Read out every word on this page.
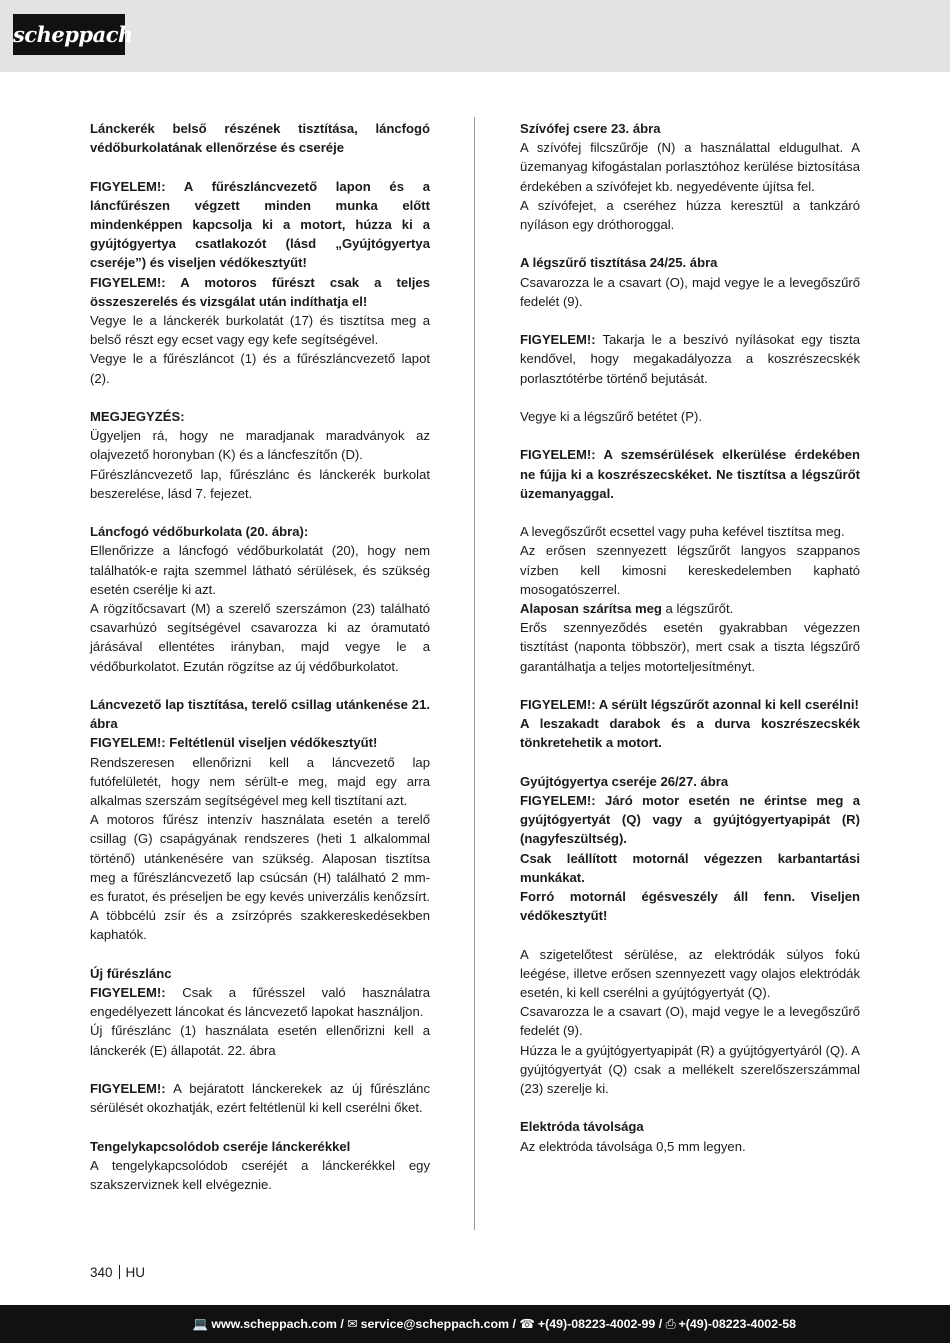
scheppach
Lánckerék belső részének tisztítása, láncfogó védőburkolatának ellenőrzése és cseréje
FIGYELEM!: A fűrészláncvezető lapon és a láncfűrészen végzett minden munka előtt mindenképpen kapcsolja ki a motort, húzza ki a gyújtógyertya csatlakozót (lásd „Gyújtógyertya cseréje”) és viseljen védőkesztyűt!
FIGYELEM!: A motoros fűrészt csak a teljes összeszerelés és vizsgálat után indíthatja el!
Vegye le a lánckerék burkolatát (17) és tisztítsa meg a belső részt egy ecset vagy egy kefe segítségével.
Vegye le a fűrészláncot (1) és a fűrészláncvezető lapot (2).
MEGJEGYZÉS:
Ügyeljen rá, hogy ne maradjanak maradványok az olajvezető horonyban (K) és a láncfeszítőn (D).
Fűrészláncvezető lap, fűrészlánc és lánckerék burkolat beszerelése, lásd 7. fejezet.
Láncfogó védőburkolata (20. ábra):
Ellenőrizze a láncfogó védőburkolatát (20), hogy nem találhatók-e rajta szemmel látható sérülések, és szükség esetén cserélje ki azt.
A rögzítőcsavart (M) a szerelő szerszámon (23) található csavarhúzó segítségével csavarozza ki az óramutató járásával ellentétes irányban, majd vegye le a védőburkolatot. Ezután rögzítse az új védőburkolatot.
Láncvezető lap tisztítása, terelő csillag utánkenése 21. ábra
FIGYELEM!: Feltétlenül viseljen védőkesztyűt!
Rendszeresen ellenőrizni kell a láncvezető lap futófelületét, hogy nem sérült-e meg, majd egy arra alkalmas szerszám segítségével meg kell tisztítani azt.
A motoros fűrész intenzív használata esetén a terelő csillag (G) csapágyának rendszeres (heti 1 alkalommal történő) utánkenésére van szükség. Alaposan tisztítsa meg a fűrészláncvezető lap csúcsán (H) található 2 mm-es furatot, és préseljen be egy kevés univerzális kenőzsírt. A többcélú zsír és a zsírzóprés szakkereskedésekben kaphatók.
Új fűrészlánc
FIGYELEM!: Csak a fűrésszel való használatra engedélyezett láncokat és láncvezető lapokat használjon.
Új fűrészlánc (1) használata esetén ellenőrizni kell a lánckerék (E) állapotát. 22. ábra
FIGYELEM!: A bejáratott lánckerekek az új fűrészlánc sérülését okozhatják, ezért feltétlenül ki kell cserélni őket.
Tengelykapcsolódob cseréje lánckerékkel
A tengelykapcsolódob cseréjét a lánckerékkel egy szakszerviznek kell elvégeznie.
Szívófej csere 23. ábra
A szívófej filcszűrője (N) a használattal eldugulhat. A üzemanyag kifogástalan porlasztóhoz kerülése biztosítása érdekében a szívófejet kb. negyedévente újítsa fel.
A szívófejet, a cseréhez húzza keresztül a tankzáró nyíláson egy dróthoroggal.
A légszűrő tisztítása 24/25. ábra
Csavarozza le a csavart (O), majd vegye le a levegőszűrő fedelét (9).
FIGYELEM!: Takarja le a beszívó nyílásokat egy tiszta kendővel, hogy megakadályozza a koszrészecskék porlasztótérbe történő bejutását.
Vegye ki a légszűrő betétet (P).
FIGYELEM!: A szemsérülések elkerülése érdekében ne fújja ki a koszrészecskéket. Ne tisztítsa a légszűrőt üzemanyaggal.
A levegőszűrőt ecsettel vagy puha kefével tisztítsa meg.
Az erősen szennyezett légszűrőt langyos szappanos vízben kell kimosni kereskedelemben kapható mosogatószerrel.
Alaposan szárítsa meg a légszűrőt.
Erős szennyeződés esetén gyakrabban végezzen tisztítást (naponta többször), mert csak a tiszta légszűrő garantálhatja a teljes motorteljesítményt.
FIGYELEM!: A sérült légszűrőt azonnal ki kell cserélni!
A leszakadt darabok és a durva koszrészecskék tönkretehetik a motort.
Gyújtógyertya cseréje 26/27. ábra
FIGYELEM!: Járó motor esetén ne érintse meg a gyújtógyertyát (Q) vagy a gyújtógyertyapipát (R) (nagyfeszültség).
Csak leállított motornál végezzen karbantartási munkákat.
Forró motornál égésveszély áll fenn. Viseljen védőkesztyűt!
A szigetelőtest sérülése, az elektródák súlyos fokú leégése, illetve erősen szennyezett vagy olajos elektródák esetén, ki kell cserélni a gyújtógyertyát (Q).
Csavarozza le a csavart (O), majd vegye le a levegőszűrő fedelét (9).
Húzza le a gyújtógyertyapipát (R) a gyújtógyertyáról (Q). A gyújtógyertyát (Q) csak a mellékelt szerelőszerszámmal (23) szerelje ki.
Elektróda távolsága
Az elektróda távolsága 0,5 mm legyen.
340 HU
💻 www.scheppach.com / ✉ service@scheppach.com / ☎ +(49)-08223-4002-99 / ⎙ +(49)-08223-4002-58
